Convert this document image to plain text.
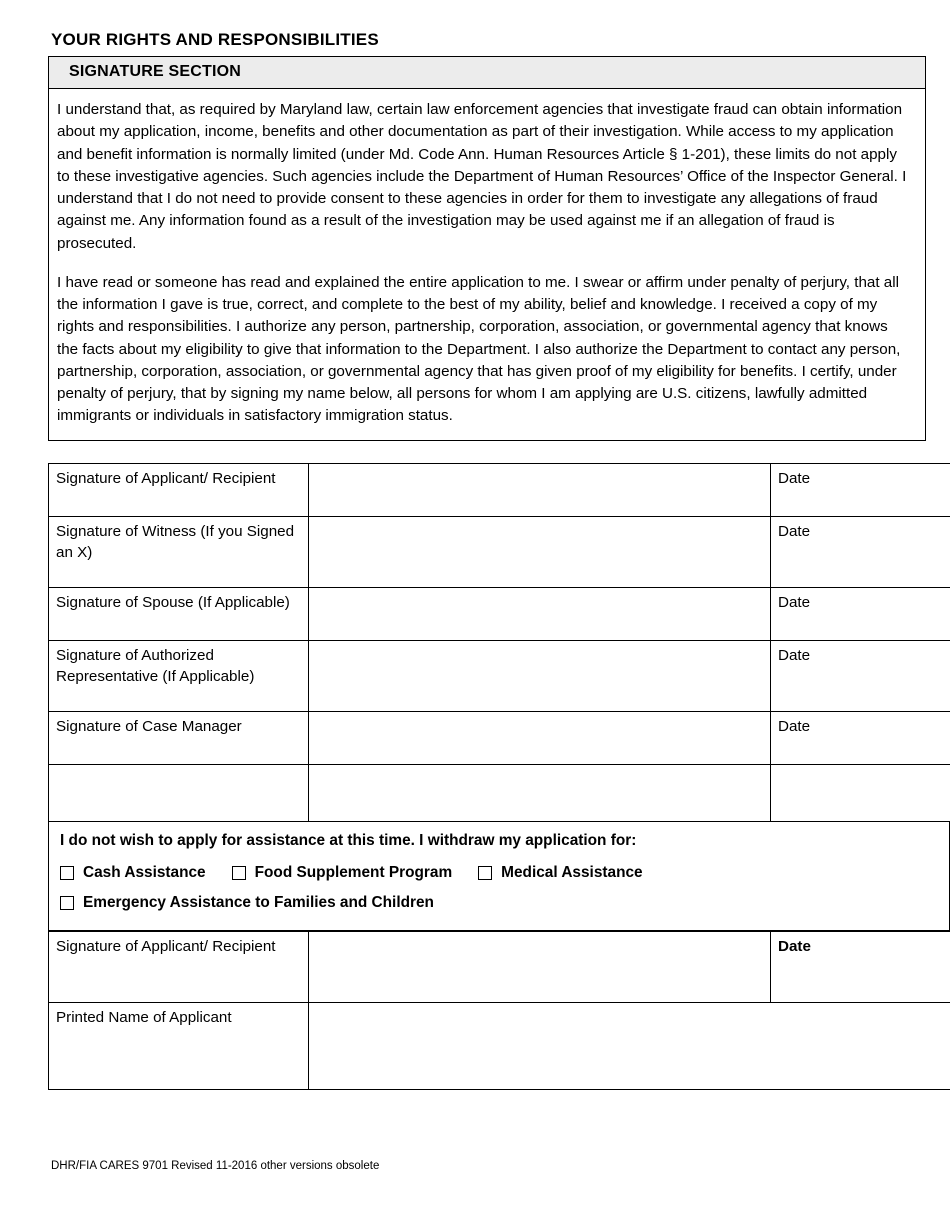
YOUR RIGHTS AND RESPONSIBILITIES
SIGNATURE SECTION

I understand that, as required by Maryland law, certain law enforcement agencies that investigate fraud can obtain information about my application, income, benefits and other documentation as part of their investigation. While access to my application and benefit information is normally limited (under Md. Code Ann. Human Resources Article § 1-201), these limits do not apply to these investigative agencies. Such agencies include the Department of Human Resources’ Office of the Inspector General. I understand that I do not need to provide consent to these agencies in order for them to investigate any allegations of fraud against me. Any information found as a result of the investigation may be used against me if an allegation of fraud is prosecuted.

I have read or someone has read and explained the entire application to me. I swear or affirm under penalty of perjury, that all the information I gave is true, correct, and complete to the best of my ability, belief and knowledge. I received a copy of my rights and responsibilities. I authorize any person, partnership, corporation, association, or governmental agency that knows the facts about my eligibility to give that information to the Department. I also authorize the Department to contact any person, partnership, corporation, association, or governmental agency that has given proof of my eligibility for benefits. I certify, under penalty of perjury, that by signing my name below, all persons for whom I am applying are U.S. citizens, lawfully admitted immigrants or individuals in satisfactory immigration status.

Signature of Applicant/ Recipient		Date
Signature of Witness (If you Signed an X)		Date
Signature of Spouse (If Applicable)		Date
Signature of Authorized Representative (If Applicable)		Date
Signature of Case Manager		Date

I do not wish to apply for assistance at this time. I withdraw my application for:

Cash Assistance	Food Supplement Program	Medical Assistance
Emergency Assistance to Families and Children
Signature of Applicant/ Recipient		Date
Printed Name of Applicant		
DHR/FIA CARES 9701 Revised 11-2016 other versions obsolete
